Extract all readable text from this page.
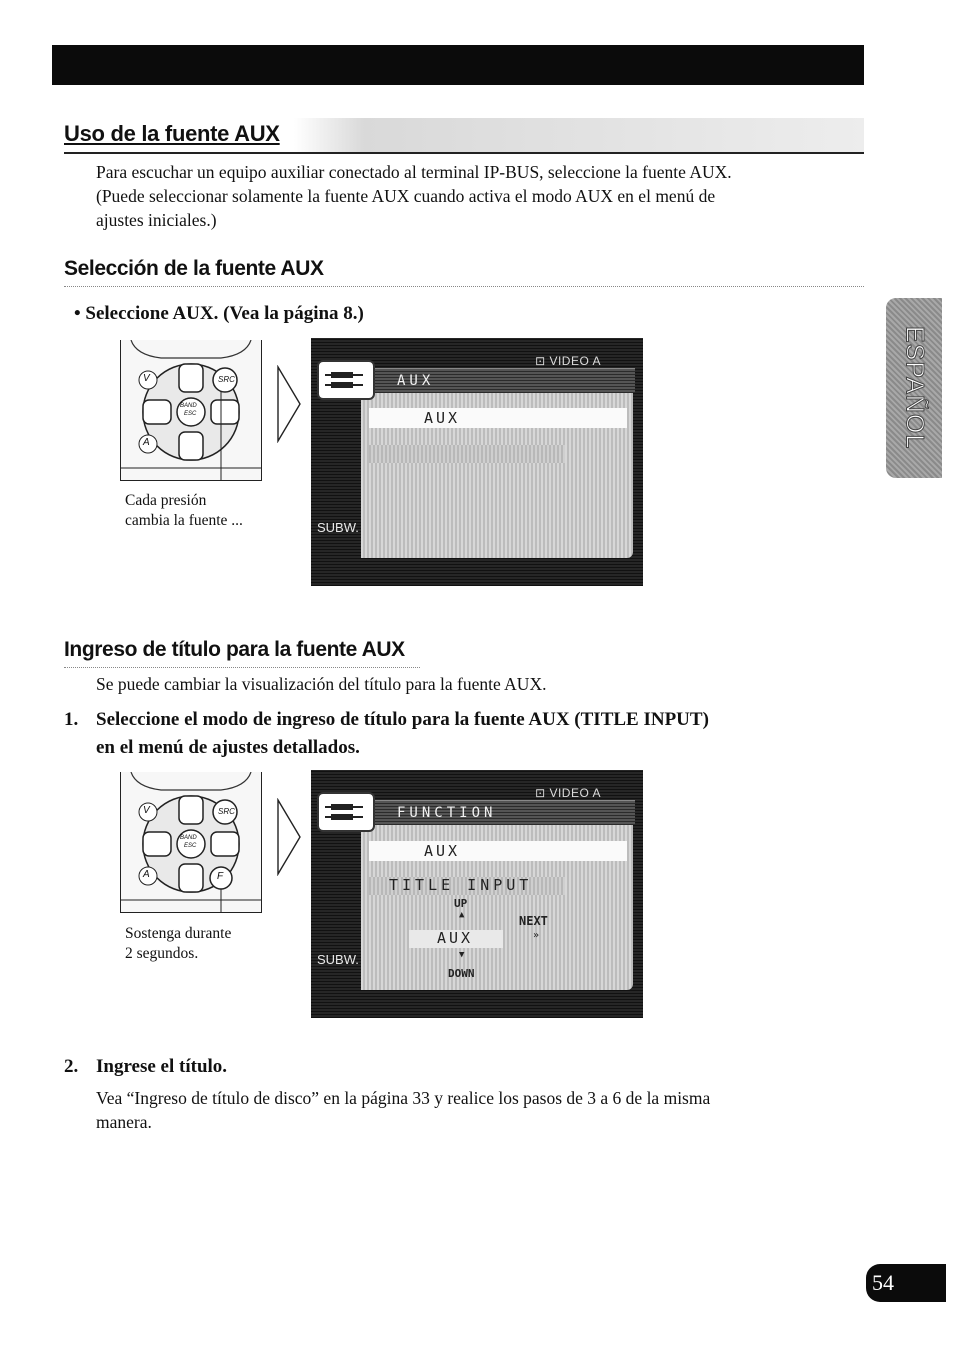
Uso de la fuente AUX
Para escuchar un equipo auxiliar conectado al terminal IP-BUS, seleccione la fuente AUX.
(Puede seleccionar solamente la fuente AUX cuando activa el modo AUX en el menú de
ajustes iniciales.)
Selección de la fuente AUX
• Seleccione AUX. (Vea la página 8.)
SRC
V
A
BAND
ESC
Cada presión
cambia la fuente ...
AUX
⊡ VIDEO A
AUX
SUBW.
Ingreso de título para la fuente AUX
Se puede cambiar la visualización del título para la fuente AUX.
1. Seleccione el modo de ingreso de título para la fuente AUX (TITLE INPUT)
en el menú de ajustes detallados.
SRC
V
A	F
BAND
ESC
Sostenga durante
2 segundos.
FUNCTION
⊡ VIDEO A
AUX
TITLE INPUT
UP
▲	NEXT
»
AUX
▼
DOWN
SUBW.
2. Ingrese el título.
Vea “Ingreso de título de disco” en la página 33 y realice los pasos de 3 a 6 de la misma
manera.
ESPAÑOL
54
